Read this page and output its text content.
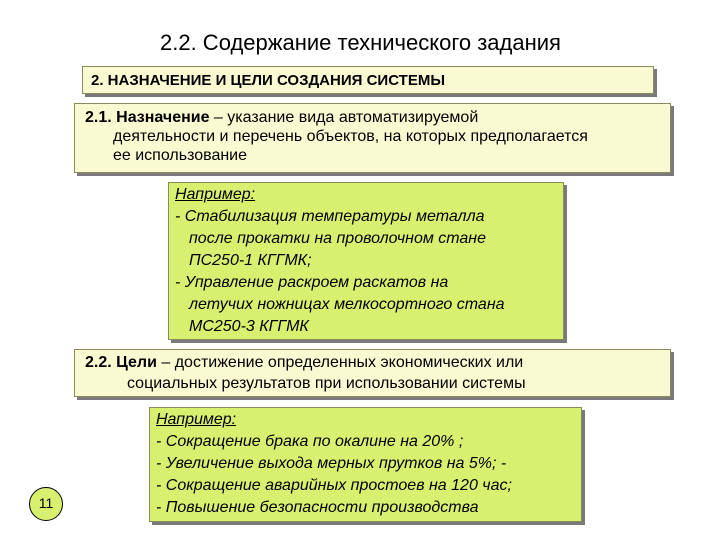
2.2. Содержание технического задания
2. НАЗНАЧЕНИЕ И ЦЕЛИ СОЗДАНИЯ СИСТЕМЫ
2.1. Назначение – указание вида автоматизируемой
деятельности и перечень объектов, на которых предполагается
ее использование
Например:
- Стабилизация температуры металла
после прокатки на проволочном стане
ПС250-1 КГГМК;
- Управление раскроем раскатов на
летучих ножницах мелкосортного стана
МС250-3 КГГМК
2.2. Цели – достижение определенных экономических или
социальных результатов при использовании системы
Например:
- Сокращение брака по окалине на 20% ;
- Увеличение выхода мерных прутков на 5%; -
- Сокращение аварийных простоев на 120 час;
- Повышение безопасности производства
11
